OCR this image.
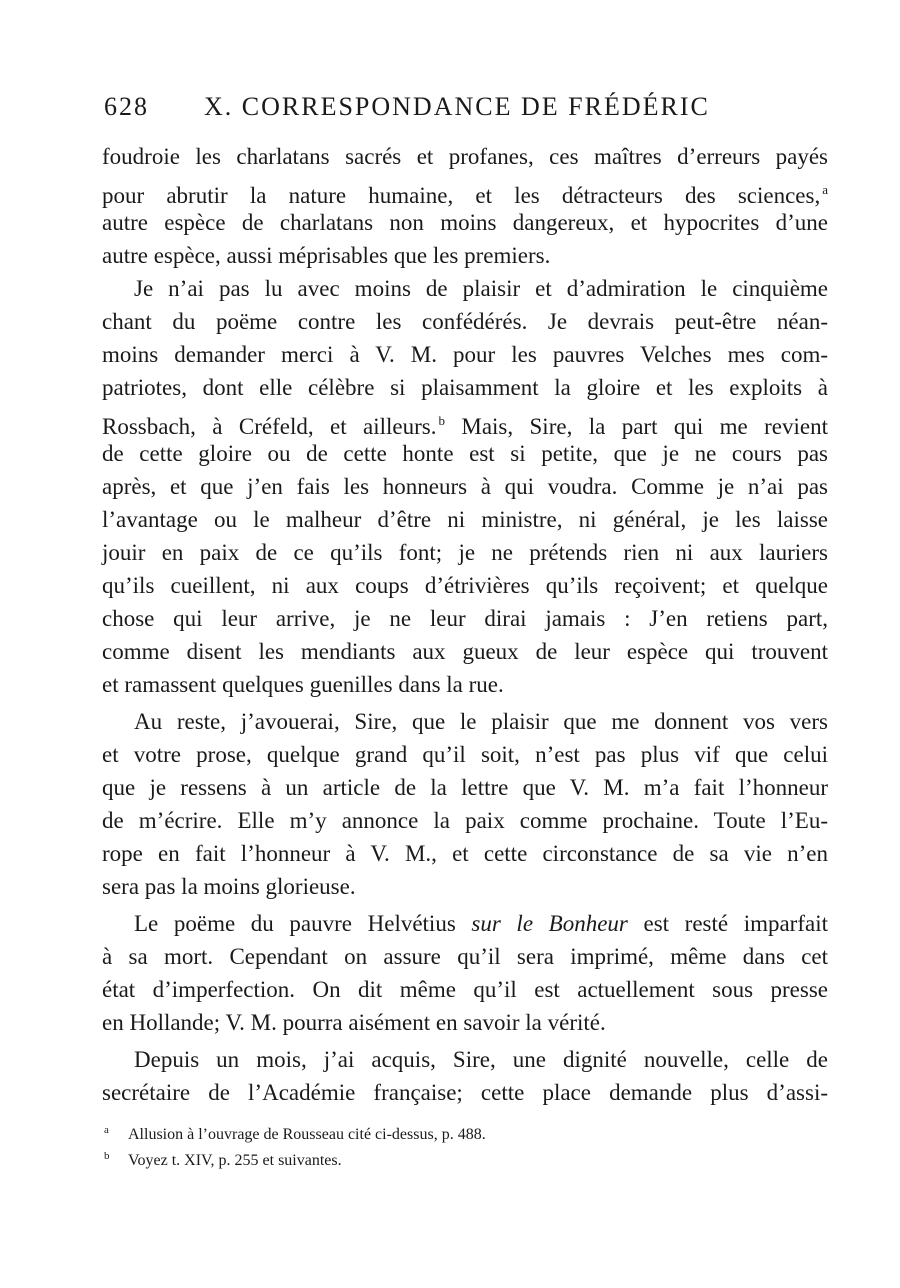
628 X. CORRESPONDANCE DE FRÉDÉRIC
foudroie les charlatans sacrés et profanes, ces maîtres d’erreurs payés
pour abrutir la nature humaine, et les détracteurs des sciences, $^a$
autre espèce de charlatans non moins dangereux, et hypocrites d’une
autre espèce, aussi méprisables que les premiers.
Je n’ai pas lu avec moins de plaisir et d’admiration le cinquième
chant du poëme contre les confédérés. Je devrais peut-être néan-
moins demander merci à V. M. pour les pauvres Velches mes com-
patriotes, dont elle célèbre si plaisamment la gloire et les exploits à
Rossbach, à Créfeld, et ailleurs. $^b$ Mais, Sire, la part qui me revient
de cette gloire ou de cette honte est si petite, que je ne cours pas
après, et que j’en fais les honneurs à qui voudra. Comme je n’ai pas
l’avantage ou le malheur d’être ni ministre, ni général, je les laisse
jouir en paix de ce qu’ils font; je ne prétends rien ni aux lauriers
qu’ils cueillent, ni aux coups d’étrivières qu’ils reçoivent; et quelque
chose qui leur arrive, je ne leur dirai jamais : J’en retiens part,
comme disent les mendiants aux gueux de leur espèce qui trouvent
et ramassent quelques guenilles dans la rue.
Au reste, j’avouerai, Sire, que le plaisir que me donnent vos vers
et votre prose, quelque grand qu’il soit, n’est pas plus vif que celui
que je ressens à un article de la lettre que V. M. m’a fait l’honneur
de m’écrire. Elle m’y annonce la paix comme prochaine. Toute l’Eu-
rope en fait l’honneur à V. M., et cette circonstance de sa vie n’en
sera pas la moins glorieuse.
Le poëme du pauvre Helvétius sur le Bonheur est resté imparfait
à sa mort. Cependant on assure qu’il sera imprimé, même dans cet
état d’imperfection. On dit même qu’il est actuellement sous presse
en Hollande; V. M. pourra aisément en savoir la vérité.
Depuis un mois, j’ai acquis, Sire, une dignité nouvelle, celle de
secrétaire de l’Académie française; cette place demande plus d’assi-
a Allusion à l’ouvrage de Rousseau cité ci-dessus, p. 488.
b Voyez t. XIV, p. 255 et suivantes.
